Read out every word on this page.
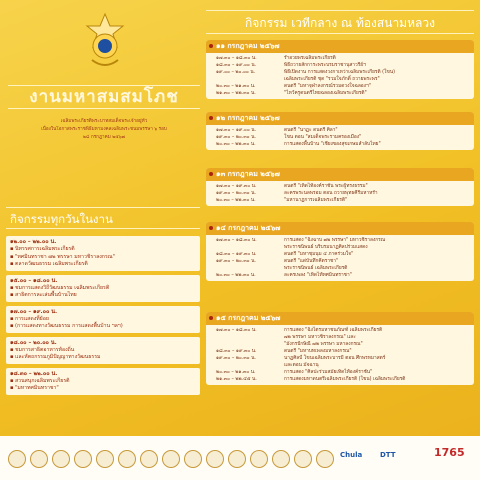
งานมหาสมสมโภช
เฉลิมพระเกียรติพระบาทสมเด็จพระเจ้าอยู่หัว
เนื่องในโอกาสพระราชพิธีมหามงคลเฉลิมพระชนมพรรษา ๖ รอบ
๒๘ กรกฎาคม ๒๕๖๗
กิจกรรมทุกวันในงาน
๑๒.๐๐ – ๒๒.๐๐ น.
▪ นิทรรศการเฉลิมพระเกียรติ
▪ "ทศมินทราชา ๗๒ พรรษา มหาวชิราลงกรณ"
▪ ตลาดวัฒนธรรม เฉลิมพระเกียรติ
๑๕.๐๐ – ๑๘.๐๐ น.
▪ ชมการแสดงวิถีวัฒนธรรม เฉลิมพระเกียรติ
▪ สาธิตการละเล่นพื้นบ้านไทย
๑๗.๐๐ – ๑๙.๐๐ น.
▪ การแสดงที่ย้อย
▪ (การแสดงทางวัฒนธรรม การแสดงพื้นบ้าน ฯลฯ)
๑๘.๐๐ – ๒๐.๐๐ น.
▪ ชมการสาธิตอาหารท้องถิ่น
▪ และหัตถกรรมภูมิปัญญาทางวัฒนธรรม
๑๘.๓๐ – ๒๒.๐๐ น.
▪ สวนสนุกเฉลิมพระเกียรติ
▪ "มหาทศมินทราชา"
กิจกรรม เวทีกลาง ณ ท้องสนามหลวง
๑๑ กรกฎาคม ๒๕๖๗
๑๗.๓๐ – ๑๘.๓๐ น.	รำอวยพรเฉลิมพระเกียรติ
๑๘.๓๐ – ๑๙.๐๐ น.	พิธีถวายสักการะพระบรมราชานุสาวรีย์ฯ
๑๙.๐๐ – ๒๐.๐๐ น.	พิธีเปิดงาน การแสดงวงกาเหว่าเฉลิมพระเกียรติ (โขน)
เฉลิมพระเกียรติ ชุด "รวมใจภักดิ์ ถวายพระพร"
๒๐.๓๐ – ๒๑.๓๐ น.	ดนตรี "มหาจุฬาลงกรณ์รวมดวงใจฉลองฯ"
๒๑.๓๐ – ๒๒.๓๐ น.	"ไหว้ครูดนตรีไทยฉลองเฉลิมพระเกียรติ"
๑๒ กรกฎาคม ๒๕๖๗
๑๗.๓๐ – ๑๙.๐๐ น.	ดนตรี "นาฏะ ดนตรี ศิลา"
๑๙.๓๐ – ๒๐.๓๐ น.	โขน ตอน "สมเด็จพระรามครองเมือง"
๒๐.๓๐ – ๒๒.๓๐ น.	การแสดงพื้นบ้าน "เชียงของสุขเกษมลำลับไทย"
๑๓ กรกฎาคม ๒๕๖๗
๑๗.๓๐ – ๑๙.๓๐ น.	ดนตรี "เทิดไท้องค์ราชัน พระผู้ทรงธรรม"
๑๙.๓๐ – ๒๐.๓๐ น.	ละครพระนลพรอม ตอน ถวายพุทธคีรีมหาหรำ
๒๐.๓๐ – ๒๒.๓๐ น.	"มหานาฏการเฉลิมพระเกียรติ"
๑๔ กรกฎาคม ๒๕๖๗
๑๗.๓๐ – ๑๘.๓๐ น.	การแสดง "ฉิงฉาบ ๗๒ พรรษา" มหาวชิราลงกรณ
พระราชนิพนธ์ บริบรมนาฏศิลปร่วมแสดง
๑๘.๓๐ – ๑๙.๓๐ น.	ดนตรี "มหาชุมนุม ๔ ภาคร่วมใจ"
๑๙.๓๐ – ๒๐.๓๐ น.	ดนตรี "แด่บันทึกคีตราชา"
พระราชนิพนธ์ เฉลิมพระเกียรติ
๒๐.๓๐ – ๒๒.๓๐ น.	ละครเพลง "เทิดไท้ทศมินทราชา"
๑๕ กรกฎาคม ๒๕๖๗
๑๗.๓๐ – ๑๘.๓๐ น.	การแสดง "ฉิงไตรมหาชนภัณฑ์ เฉลิมพระเกียรติ
๗๒ พรรษา มหาวชิราลงกรณ" และ
"มังกรปักษิณี ๗๒ พรรษา มหาลงกรณ"
๑๘.๓๐ – ๑๙.๓๐ น.	ดนตรี "มหาบทเพลงมหาลงกรณ"
๑๙.๓๐ – ๒๐.๓๐ น.	นาฏศิลป์ โขนเฉลิมพระบารมี ตอน ศึกพรหมาสตร์
และตอน มัจฉานุ
๒๐.๓๐ – ๒๑.๓๐ น.	การแสดง "ศิลปะร่วมสมัยเทิดไท้องค์ราชัน"
๒๑.๓๐ – ๒๒.๔๕ น.	การแสดงมหาดนตรีเฉลิมพระเกียรติ (โขน) เฉลิมพระเกียรติ
Chula	DTT	1765
